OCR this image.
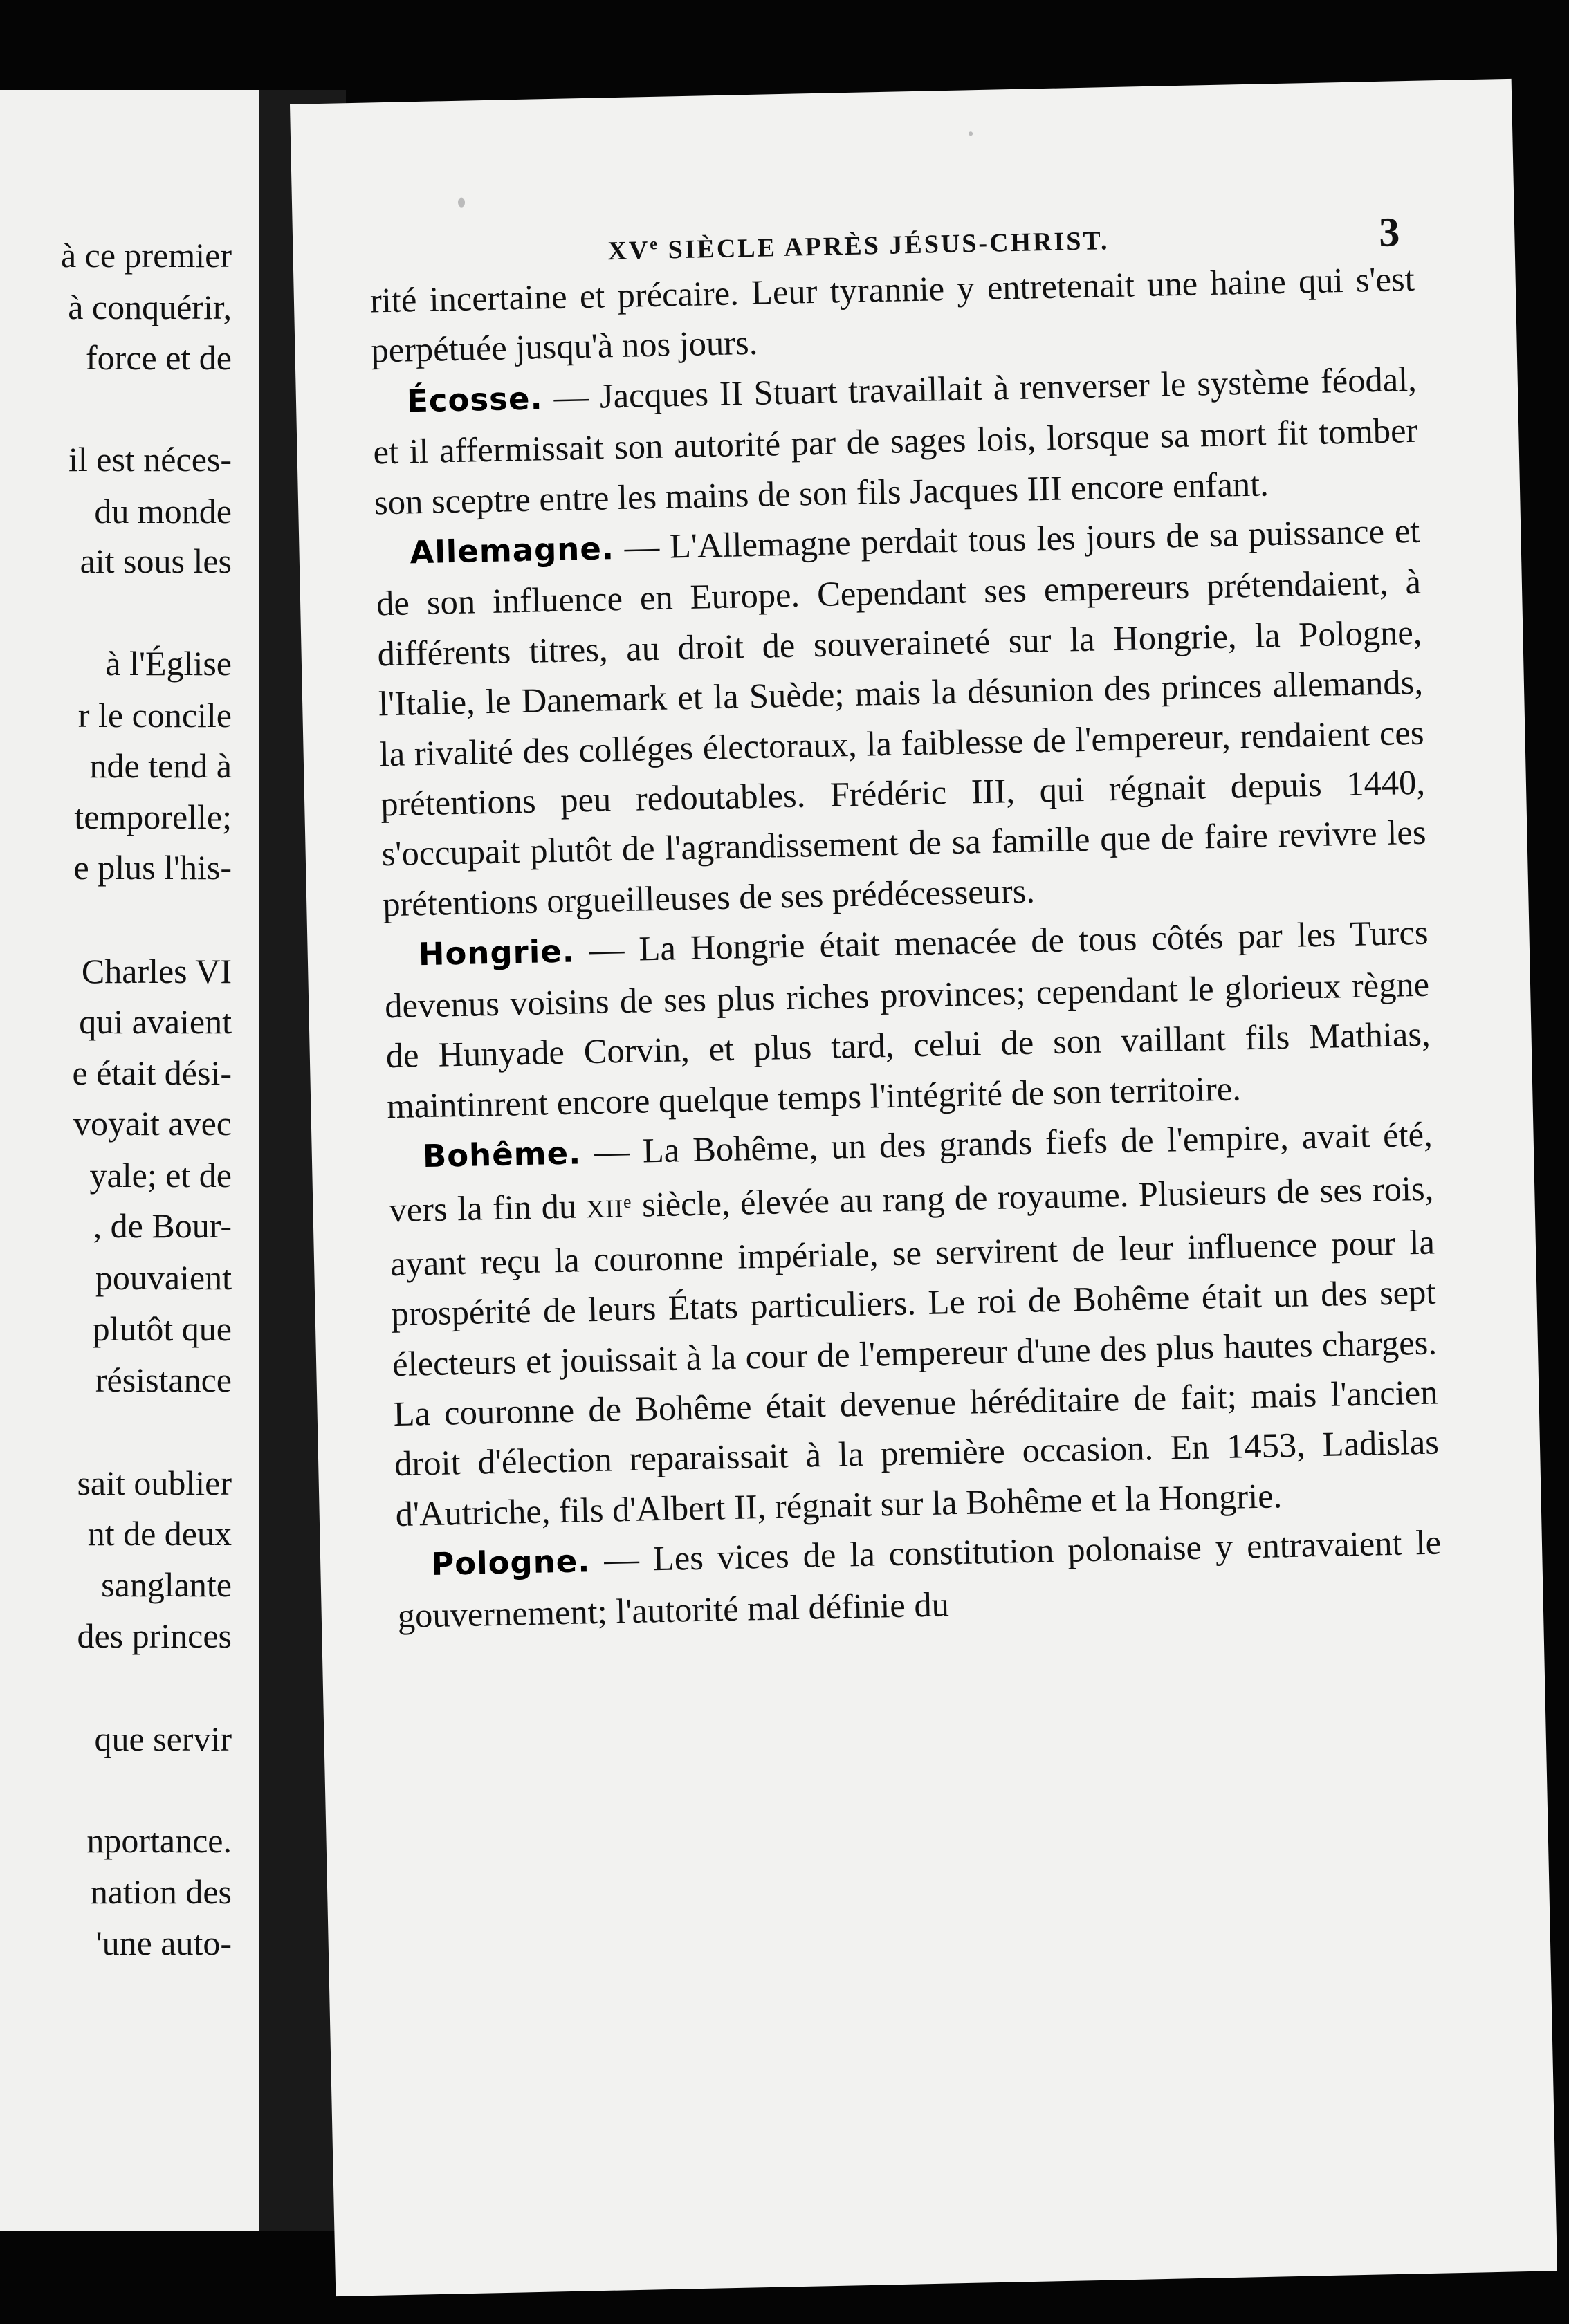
à ce premier
à conquérir,
force et de
il est néces-
du monde
ait sous les
à l'Église
r le concile
nde tend à
temporelle;
e plus l'his-
Charles VI
qui avaient
e était dési-
voyait avec
yale; et de
, de Bour-
pouvaient
plutôt que
résistance
sait oublier
nt de deux
sanglante
des princes
que servir
nportance.
nation des
'une auto-
XVe SIÈCLE APRÈS JÉSUS-CHRIST.	3

rité incertaine et précaire. Leur tyrannie y entretenait une haine qui s'est perpétuée jusqu'à nos jours.

Écosse. — Jacques II Stuart travaillait à renverser le système féodal, et il affermissait son autorité par de sages lois, lorsque sa mort fit tomber son sceptre entre les mains de son fils Jacques III encore enfant.

Allemagne. — L'Allemagne perdait tous les jours de sa puissance et de son influence en Europe. Cependant ses empereurs prétendaient, à différents titres, au droit de souveraineté sur la Hongrie, la Pologne, l'Italie, le Danemark et la Suède; mais la désunion des princes allemands, la rivalité des colléges électoraux, la faiblesse de l'empereur, rendaient ces prétentions peu redoutables. Frédéric III, qui régnait depuis 1440, s'occupait plutôt de l'agrandissement de sa famille que de faire revivre les prétentions orgueilleuses de ses prédécesseurs.

Hongrie. — La Hongrie était menacée de tous côtés par les Turcs devenus voisins de ses plus riches provinces; cependant le glorieux règne de Hunyade Corvin, et plus tard, celui de son vaillant fils Mathias, maintinrent encore quelque temps l'intégrité de son territoire.

Bohême. — La Bohême, un des grands fiefs de l'empire, avait été, vers la fin du XIIe siècle, élevée au rang de royaume. Plusieurs de ses rois, ayant reçu la couronne impériale, se servirent de leur influence pour la prospérité de leurs États particuliers. Le roi de Bohême était un des sept électeurs et jouissait à la cour de l'empereur d'une des plus hautes charges. La couronne de Bohême était devenue héréditaire de fait; mais l'ancien droit d'élection reparaissait à la première occasion. En 1453, Ladislas d'Autriche, fils d'Albert II, régnait sur la Bohême et la Hongrie.

Pologne. — Les vices de la constitution polonaise y entravaient le gouvernement; l'autorité mal définie du
